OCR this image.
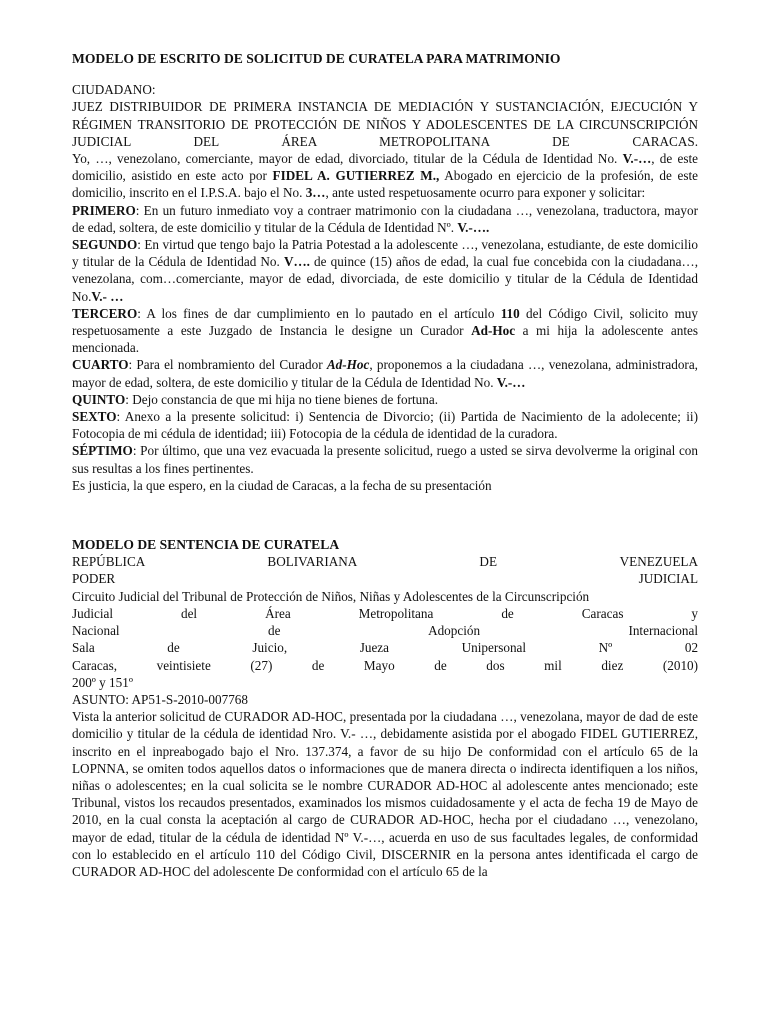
MODELO DE ESCRITO DE SOLICITUD DE CURATELA PARA MATRIMONIO

CIUDADANO:

JUEZ DISTRIBUIDOR DE PRIMERA INSTANCIA DE MEDIACIÓN Y SUSTANCIACIÓN, EJECUCIÓN Y RÉGIMEN TRANSITORIO DE PROTECCIÓN DE NIÑOS Y ADOLESCENTES DE LA CIRCUNSCRIPCIÓN JUDICIAL DEL ÁREA METROPOLITANA DE CARACAS.

Yo, …, venezolano, comerciante, mayor de edad, divorciado, titular de la Cédula de Identidad No. V.-…, de este domicilio, asistido en este acto por FIDEL A. GUTIERREZ M., Abogado en ejercicio de la profesión, de este domicilio, inscrito en el I.P.S.A. bajo el No. 3…, ante usted respetuosamente ocurro para exponer y solicitar:

PRIMERO: En un futuro inmediato voy a contraer matrimonio con la ciudadana …, venezolana, traductora, mayor de edad, soltera, de este domicilio y titular de la Cédula de Identidad Nº. V.-….

SEGUNDO: En virtud que tengo bajo la Patria Potestad a la adolescente …, venezolana, estudiante, de este domicilio y titular de la Cédula de Identidad No. V…. de quince (15) años de edad, la cual fue concebida con la ciudadana…, venezolana, com…comerciante, mayor de edad, divorciada, de este domicilio y titular de la Cédula de Identidad No.V.- …

TERCERO: A los fines de dar cumplimiento en lo pautado en el artículo 110 del Código Civil, solicito muy respetuosamente a este Juzgado de Instancia le designe un Curador Ad-Hoc a mi hija la adolescente antes mencionada.

CUARTO: Para el nombramiento del Curador Ad-Hoc, proponemos a la ciudadana …, venezolana, administradora, mayor de edad, soltera, de este domicilio y titular de la Cédula de Identidad No. V.-…

QUINTO: Dejo constancia de que mi hija no tiene bienes de fortuna.

SEXTO: Anexo a la presente solicitud: i) Sentencia de Divorcio; (ii) Partida de Nacimiento de la adolecente; ii) Fotocopia de mi cédula de identidad; iii) Fotocopia de la cédula de identidad de la curadora.

SÉPTIMO: Por último, que una vez evacuada la presente solicitud, ruego a usted se sirva devolverme la original con sus resultas a los fines pertinentes.

Es justicia, la que espero, en la ciudad de Caracas, a la fecha de su presentación

MODELO DE SENTENCIA DE CURATELA

REPÚBLICA	BOLIVARIANA	DE	VENEZUELA

PODER	JUDICIAL

Circuito Judicial del Tribunal de Protección de Niños, Niñas y Adolescentes de la Circunscripción

Judicial	del	Área	Metropolitana	de	Caracas	y

Nacional	de	Adopción	Internacional

Sala	de	Juicio,	Jueza	Unipersonal	Nº	02

Caracas,	veintisiete	(27)	de	Mayo	de	dos	mil	diez	(2010)

200º y 151º

ASUNTO: AP51-S-2010-007768

Vista la anterior solicitud de CURADOR AD-HOC, presentada por la ciudadana …, venezolana, mayor de dad de este domicilio y titular de la cédula de identidad Nro. V.- …, debidamente asistida por el abogado FIDEL GUTIERREZ, inscrito en el inpreabogado bajo el Nro. 137.374, a favor de su hijo De conformidad con el artículo 65 de la LOPNNA, se omiten todos aquellos datos o informaciones que de manera directa o indirecta identifiquen a los niños, niñas o adolescentes; en la cual solicita se le nombre CURADOR AD-HOC al adolescente antes mencionado; este Tribunal, vistos los recaudos presentados, examinados los mismos cuidadosamente y el acta de fecha 19 de Mayo de 2010, en la cual consta la aceptación al cargo de CURADOR AD-HOC, hecha por el ciudadano …, venezolano, mayor de edad, titular de la cédula de identidad Nº V.-…, acuerda en uso de sus facultades legales, de conformidad con lo establecido en el artículo 110 del Código Civil, DISCERNIR en la persona antes identificada el cargo de CURADOR AD-HOC del adolescente De conformidad con el artículo 65 de la
